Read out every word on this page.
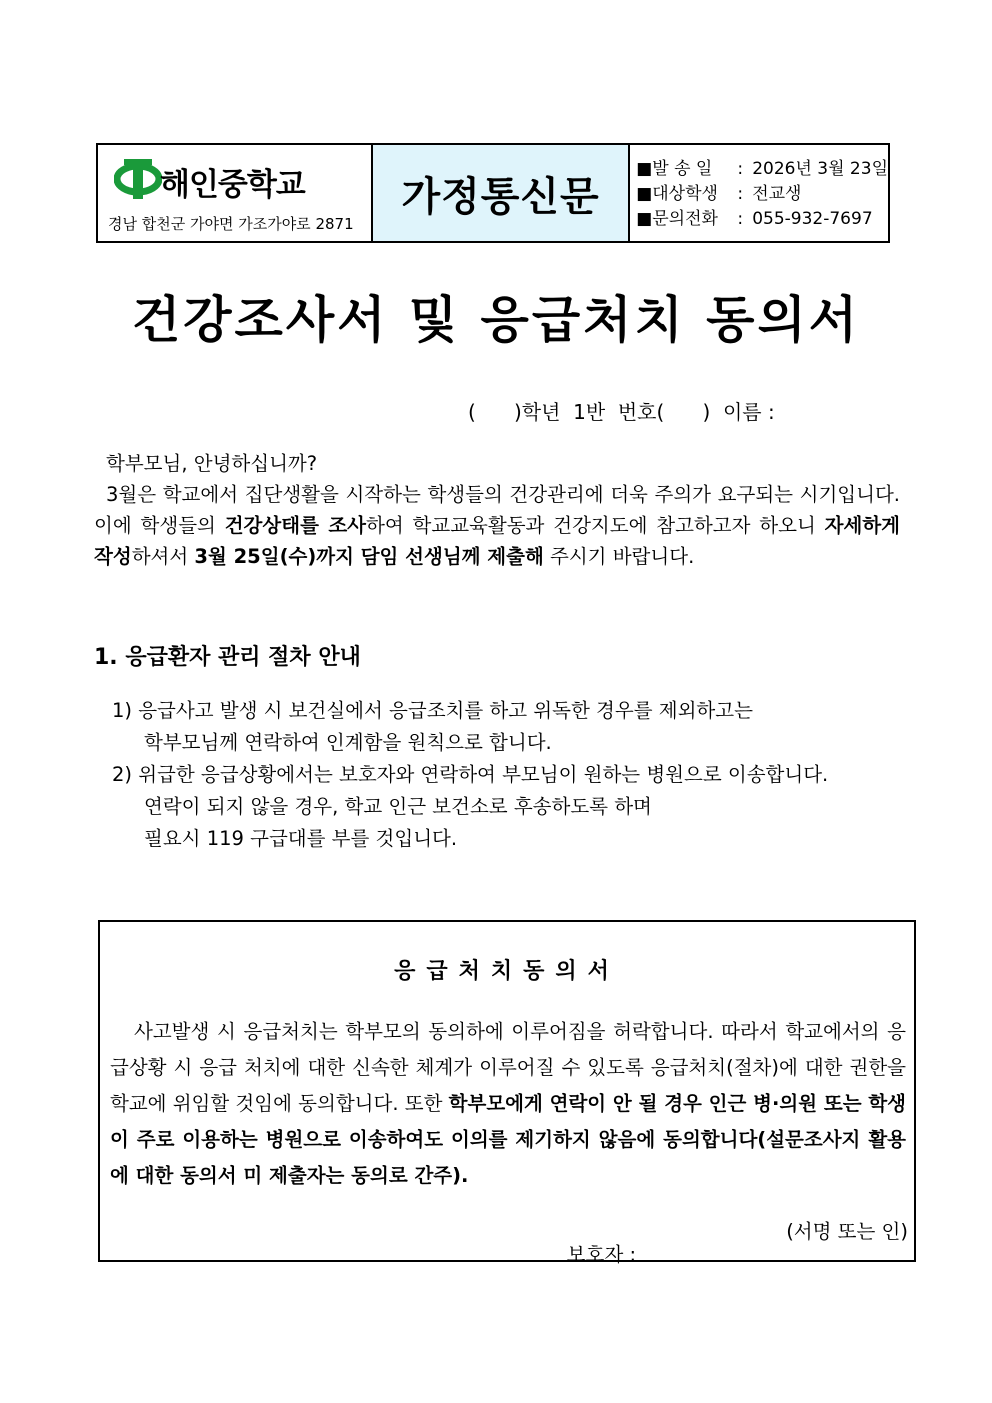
해인중학교
경남 합천군 가야면 가조가야로 2871
가정통신문
■발 송 일	: 2026년 3월 23일
■대상학생	: 전교생
■문의전화	: 055-932-7697
건강조사서 및 응급처치 동의서
(      )학년  1반  번호(      )  이름 :
학부모님, 안녕하십니까?
3월은 학교에서 집단생활을 시작하는 학생들의 건강관리에 더욱 주의가 요구되는 시기입니다. 이에 학생들의 건강상태를 조사하여 학교교육활동과 건강지도에 참고하고자 하오니 자세하게 작성하셔서 3월 25일(수)까지 담임 선생님께 제출해 주시기 바랍니다.
1. 응급환자 관리 절차 안내
1) 응급사고 발생 시 보건실에서 응급조치를 하고 위독한 경우를 제외하고는
학부모님께 연락하여 인계함을 원칙으로 합니다.
2) 위급한 응급상황에서는 보호자와 연락하여 부모님이 원하는 병원으로 이송합니다.
연락이 되지 않을 경우, 학교 인근 보건소로 후송하도록 하며
필요시 119 구급대를 부를 것입니다.
응급처치동의서
사고발생 시 응급처치는 학부모의 동의하에 이루어짐을 허락합니다. 따라서 학교에서의 응급상황 시 응급 처치에 대한 신속한 체계가 이루어질 수 있도록 응급처치(절차)에 대한 권한을 학교에 위임할 것임에 동의합니다. 또한 학부모에게 연락이 안 될 경우 인근 병·의원 또는 학생이 주로 이용하는 병원으로 이송하여도 이의를 제기하지 않음에 동의합니다(설문조사지 활용에 대한 동의서 미 제출자는 동의로 간주).

보호자 :

(서명 또는 인)
